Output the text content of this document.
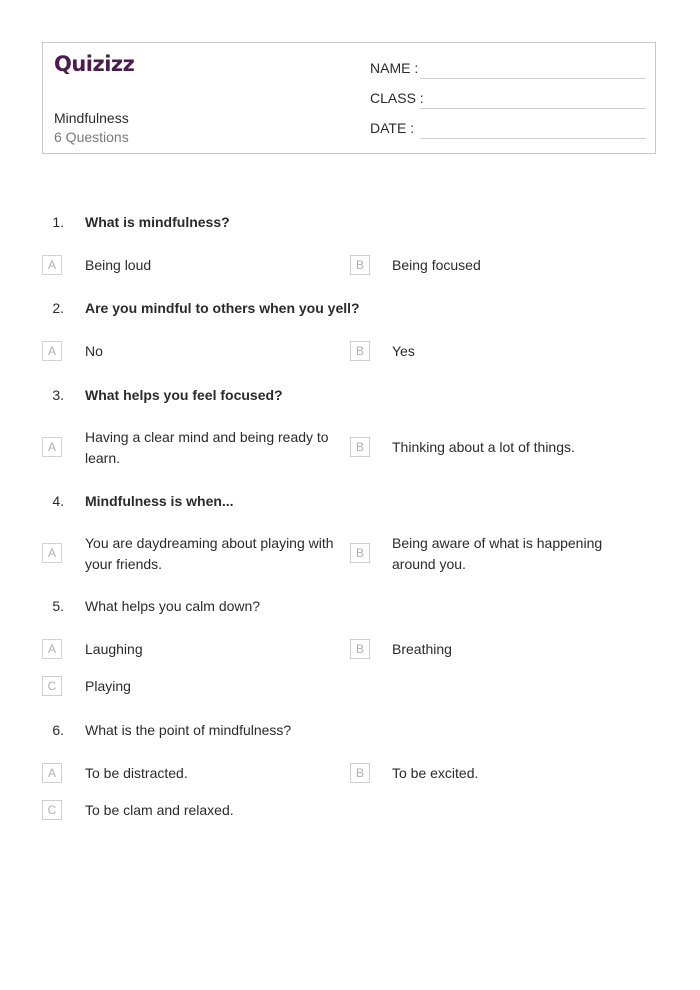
Quizizz
Mindfulness
6 Questions
NAME :
CLASS :
DATE :
1. What is mindfulness?
A	Being loud	B	Being focused
2. Are you mindful to others when you yell?
A	No	B	Yes
3. What helps you feel focused?
A
Having a clear mind and being ready to learn.
B	Thinking about a lot of things.
4. Mindfulness is when...
A
You are daydreaming about playing with your friends.
B
Being aware of what is happening around you.
5. What helps you calm down?
A	Laughing	B	Breathing
C	Playing
6. What is the point of mindfulness?
A	To be distracted.	B	To be excited.
C	To be clam and relaxed.
